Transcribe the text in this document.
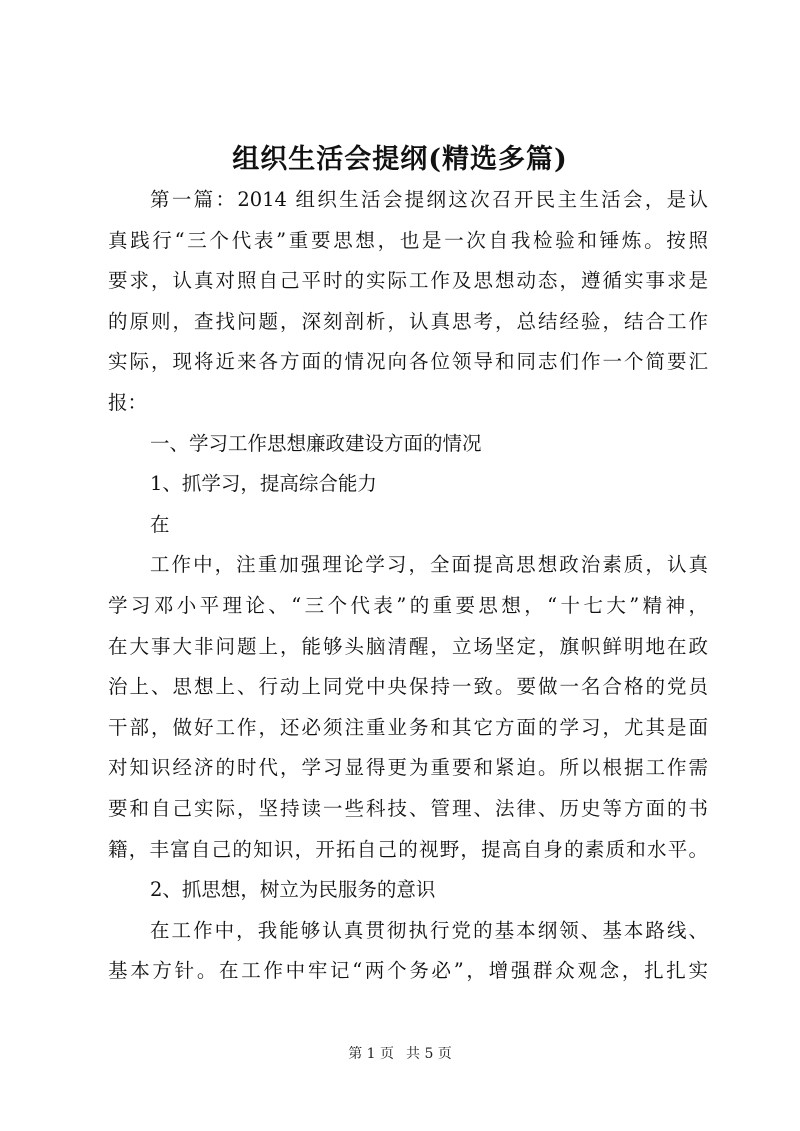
组织生活会提纲(精选多篇)
第一篇：2014 组织生活会提纲这次召开民主生活会，是认
真践行“三个代表”重要思想，也是一次自我检验和锤炼。按照
要求，认真对照自己平时的实际工作及思想动态，遵循实事求是
的原则，查找问题，深刻剖析，认真思考，总结经验，结合工作
实际，现将近来各方面的情况向各位领导和同志们作一个简要汇
报：
一、学习工作思想廉政建设方面的情况
1、抓学习，提高综合能力
在
工作中，注重加强理论学习，全面提高思想政治素质，认真
学习邓小平理论、“三个代表”的重要思想，“十七大”精神，
在大事大非问题上，能够头脑清醒，立场坚定，旗帜鲜明地在政
治上、思想上、行动上同党中央保持一致。要做一名合格的党员
干部，做好工作，还必须注重业务和其它方面的学习，尤其是面
对知识经济的时代，学习显得更为重要和紧迫。所以根据工作需
要和自己实际，坚持读一些科技、管理、法律、历史等方面的书
籍，丰富自己的知识，开拓自己的视野，提高自身的素质和水平。
2、抓思想，树立为民服务的意识
在工作中，我能够认真贯彻执行党的基本纲领、基本路线、
基本方针。在工作中牢记“两个务必”，增强群众观念，扎扎实
第 1 页 共 5 页
